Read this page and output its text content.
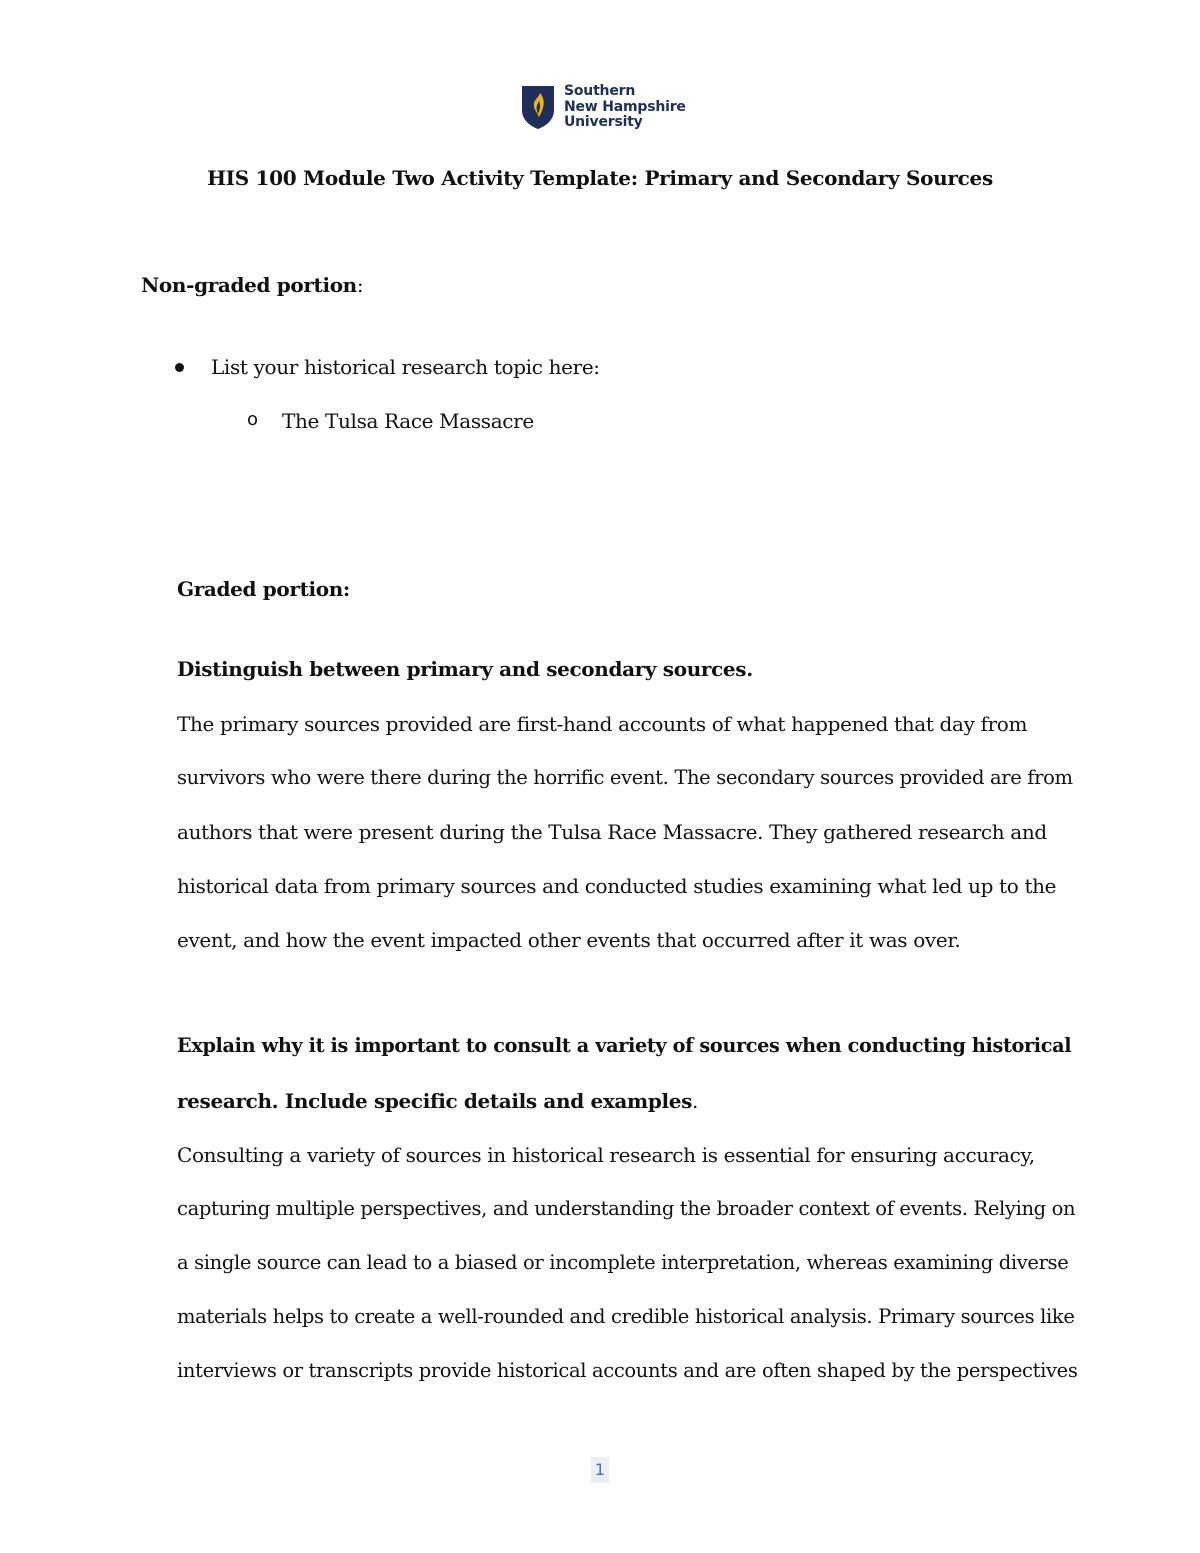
Southern
New Hampshire
University
HIS 100 Module Two Activity Template: Primary and Secondary Sources
Non-graded portion:
List your historical research topic here:
o The Tulsa Race Massacre
Graded portion:
Distinguish between primary and secondary sources.
The primary sources provided are first-hand accounts of what happened that day from
survivors who were there during the horrific event. The secondary sources provided are from
authors that were present during the Tulsa Race Massacre. They gathered research and
historical data from primary sources and conducted studies examining what led up to the
event, and how the event impacted other events that occurred after it was over.
Explain why it is important to consult a variety of sources when conducting historical
research. Include specific details and examples.
Consulting a variety of sources in historical research is essential for ensuring accuracy,
capturing multiple perspectives, and understanding the broader context of events. Relying on
a single source can lead to a biased or incomplete interpretation, whereas examining diverse
materials helps to create a well-rounded and credible historical analysis. Primary sources like
interviews or transcripts provide historical accounts and are often shaped by the perspectives
1
